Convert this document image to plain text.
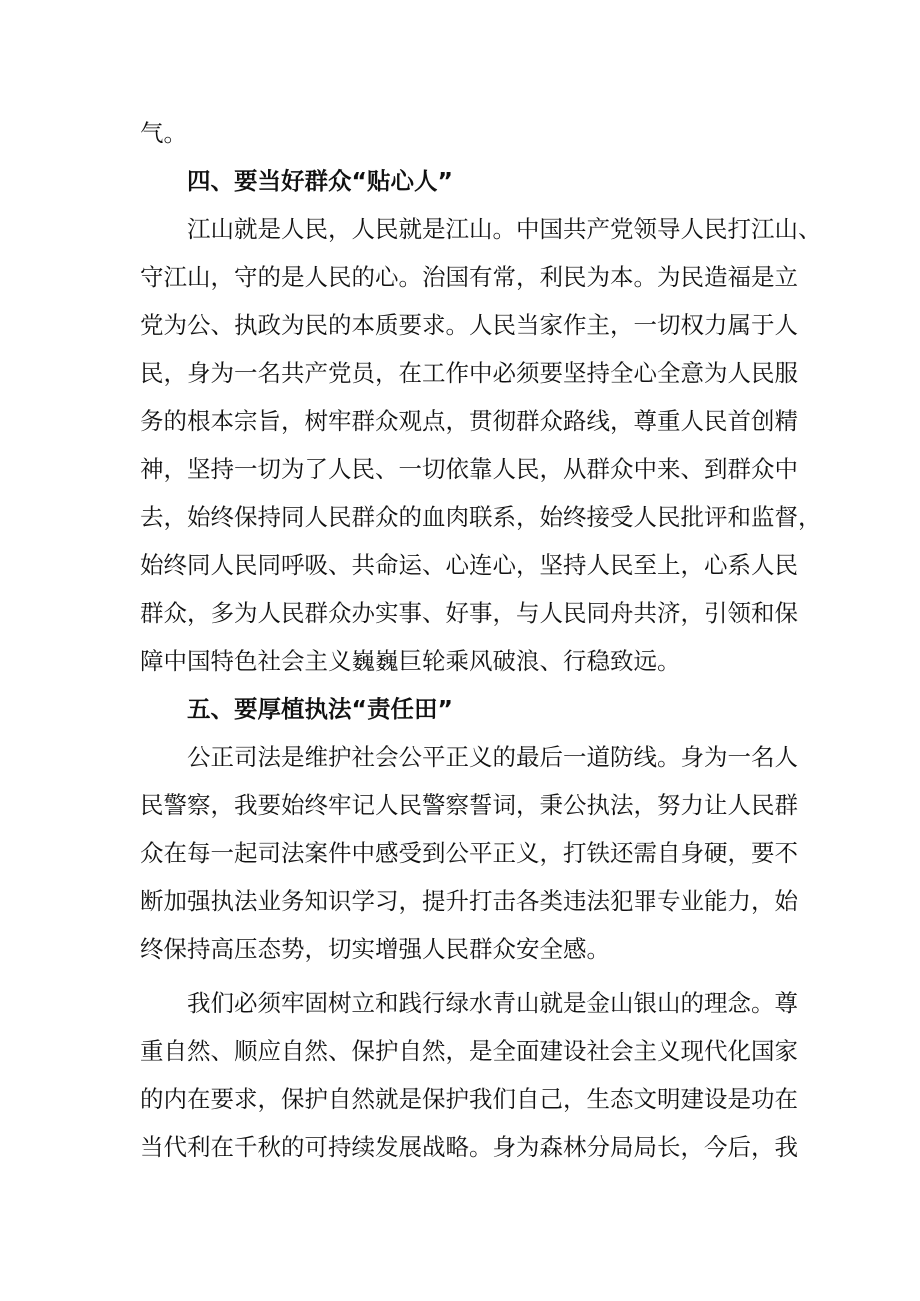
气。
四、要当好群众“贴心人”
江山就是人民，人民就是江山。中国共产党领导人民打江山、
守江山，守的是人民的心。治国有常，利民为本。为民造福是立
党为公、执政为民的本质要求。人民当家作主，一切权力属于人
民，身为一名共产党员，在工作中必须要坚持全心全意为人民服
务的根本宗旨，树牢群众观点，贯彻群众路线，尊重人民首创精
神，坚持一切为了人民、一切依靠人民，从群众中来、到群众中
去，始终保持同人民群众的血肉联系，始终接受人民批评和监督，
始终同人民同呼吸、共命运、心连心，坚持人民至上，心系人民
群众，多为人民群众办实事、好事，与人民同舟共济，引领和保
障中国特色社会主义巍巍巨轮乘风破浪、行稳致远。
五、要厚植执法“责任田”
公正司法是维护社会公平正义的最后一道防线。身为一名人
民警察，我要始终牢记人民警察誓词，秉公执法，努力让人民群
众在每一起司法案件中感受到公平正义，打铁还需自身硬，要不
断加强执法业务知识学习，提升打击各类违法犯罪专业能力，始
终保持高压态势，切实增强人民群众安全感。
我们必须牢固树立和践行绿水青山就是金山银山的理念。尊
重自然、顺应自然、保护自然，是全面建设社会主义现代化国家
的内在要求，保护自然就是保护我们自己，生态文明建设是功在
当代利在千秋的可持续发展战略。身为森林分局局长，今后，我
